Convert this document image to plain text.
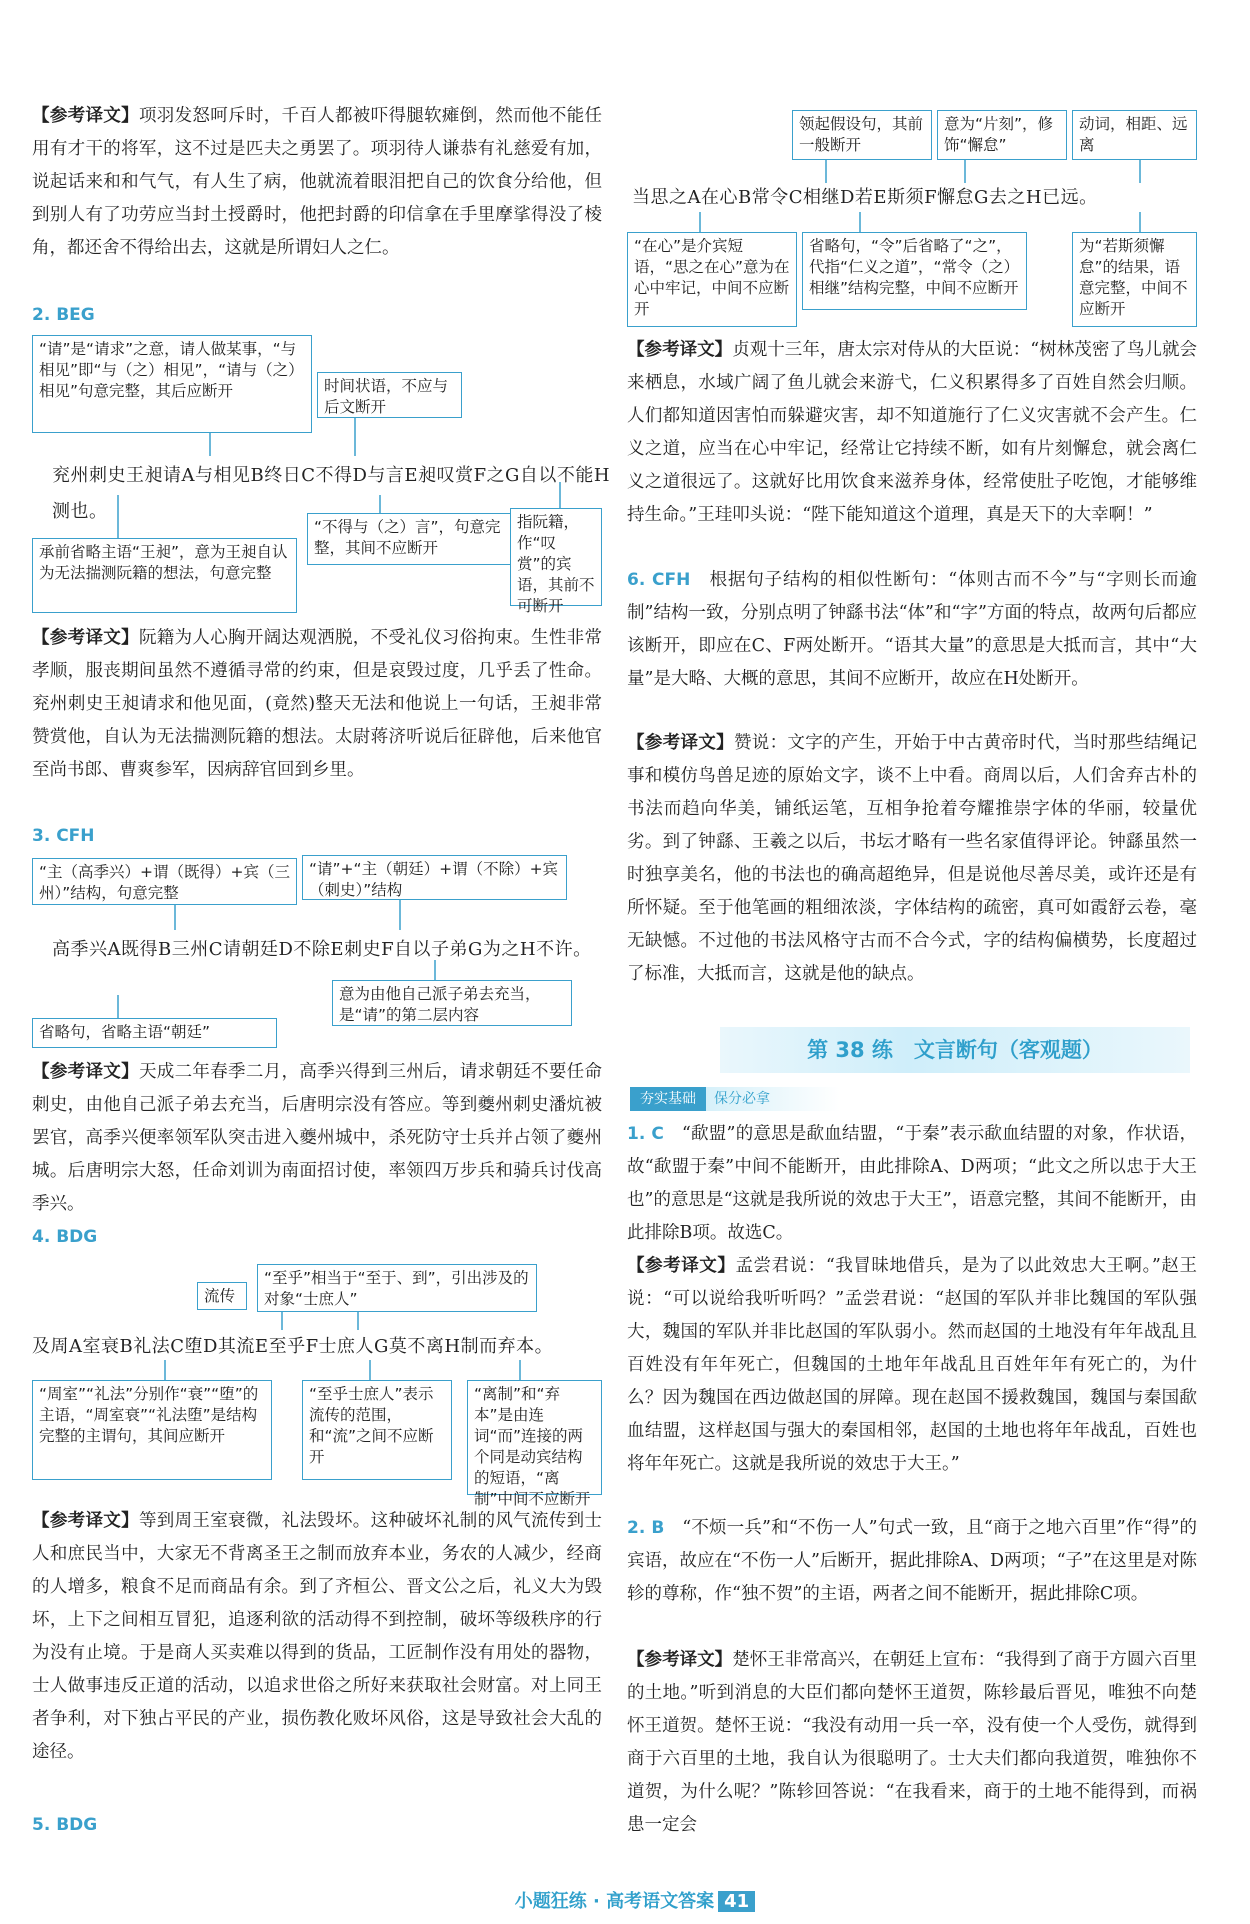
【参考译文】项羽发怒呵斥时，千百人都被吓得腿软瘫倒，然而他不能任用有才干的将军，这不过是匹夫之勇罢了。项羽待人谦恭有礼慈爱有加，说起话来和和气气，有人生了病，他就流着眼泪把自己的饮食分给他，但到别人有了功劳应当封土授爵时，他把封爵的印信拿在手里摩挲得没了棱角，都还舍不得给出去，这就是所谓妇人之仁。

2. BEG
“请”是“请求”之意，请人做某事，“与相见”即“与（之）相见”，“请与（之）相见”句意完整，其后应断开	时间状语，不应与后文断开
兖州刺史王昶请A与相见B终日C不得D与言E昶叹赏F之G自以不能H测也。
承前省略主语“王昶”，意为王昶自认为无法揣测阮籍的想法，句意完整
“不得与（之）言”，句意完整，其间不应断开
指阮籍，作“叹赏”的宾语，其前不可断开

【参考译文】阮籍为人心胸开阔达观洒脱，不受礼仪习俗拘束。生性非常孝顺，服丧期间虽然不遵循寻常的约束，但是哀毁过度，几乎丢了性命。兖州刺史王昶请求和他见面，(竟然)整天无法和他说上一句话，王昶非常赞赏他，自认为无法揣测阮籍的想法。太尉蒋济听说后征辟他，后来他官至尚书郎、曹爽参军，因病辞官回到乡里。

3. CFH
“主（高季兴）+谓（既得）+宾（三州）”结构，句意完整
“请”+“主（朝廷）+谓（不除）+宾（刺史）”结构
高季兴A既得B三州C请朝廷D不除E刺史F自以子弟G为之H不许。
意为由他自己派子弟去充当，是“请”的第二层内容
省略句，省略主语“朝廷”

【参考译文】天成二年春季二月，高季兴得到三州后，请求朝廷不要任命刺史，由他自己派子弟去充当，后唐明宗没有答应。等到夔州刺史潘炕被罢官，高季兴便率领军队突击进入夔州城中，杀死防守士兵并占领了夔州城。后唐明宗大怒，任命刘训为南面招讨使，率领四万步兵和骑兵讨伐高季兴。

4. BDG
流传
“至乎”相当于“至于、到”，引出涉及的对象“士庶人”
及周A室衰B礼法C堕D其流E至乎F士庶人G莫不离H制而弃本。
“周室”“礼法”分别作“衰”“堕”的主语，“周室衰”“礼法堕”是结构完整的主谓句，其间应断开
“至乎士庶人”表示流传的范围，和“流”之间不应断开
“离制”和“弃本”是由连词“而”连接的两个同是动宾结构的短语，“离制”中间不应断开

【参考译文】等到周王室衰微，礼法毁坏。这种破坏礼制的风气流传到士人和庶民当中，大家无不背离圣王之制而放弃本业，务农的人减少，经商的人增多，粮食不足而商品有余。到了齐桓公、晋文公之后，礼义大为毁坏，上下之间相互冒犯，追逐利欲的活动得不到控制，破坏等级秩序的行为没有止境。于是商人买卖难以得到的货品，工匠制作没有用处的器物，士人做事违反正道的活动，以追求世俗之所好来获取社会财富。对上同王者争利，对下独占平民的产业，损伤教化败坏风俗，这是导致社会大乱的途径。

5. BDG
领起假设句，其前一般断开
意为“片刻”，修饰“懈怠”
动词，相距、远离
当思之A在心B常令C相继D若E斯须F懈怠G去之H已远。
“在心”是介宾短语，“思之在心”意为在心中牢记，中间不应断开
省略句，“令”后省略了“之”，代指“仁义之道”，“常令（之）相继”结构完整，中间不应断开
为“若斯须懈怠”的结果，语意完整，中间不应断开

【参考译文】贞观十三年，唐太宗对侍从的大臣说：“树林茂密了鸟儿就会来栖息，水域广阔了鱼儿就会来游弋，仁义积累得多了百姓自然会归顺。人们都知道因害怕而躲避灾害，却不知道施行了仁义灾害就不会产生。仁义之道，应当在心中牢记，经常让它持续不断，如有片刻懈怠，就会离仁义之道很远了。这就好比用饮食来滋养身体，经常使肚子吃饱，才能够维持生命。”王珪叩头说：“陛下能知道这个道理，真是天下的大幸啊！”

6. CFH　 根据句子结构的相似性断句：“体则古而不今”与“字则长而逾制”结构一致，分别点明了钟繇书法“体”和“字”方面的特点，故两句后都应该断开，即应在C、F两处断开。“语其大量”的意思是大抵而言，其中“大量”是大略、大概的意思，其间不应断开，故应在H处断开。

【参考译文】赞说：文字的产生，开始于中古黄帝时代，当时那些结绳记事和模仿鸟兽足迹的原始文字，谈不上中看。商周以后，人们舍弃古朴的书法而趋向华美，铺纸运笔，互相争抢着夸耀推崇字体的华丽，较量优劣。到了钟繇、王羲之以后，书坛才略有一些名家值得评论。钟繇虽然一时独享美名，他的书法也的确高超绝异，但是说他尽善尽美，或许还是有所怀疑。至于他笔画的粗细浓淡，字体结构的疏密，真可如霞舒云卷，毫无缺憾。不过他的书法风格守古而不合今式，字的结构偏横势，长度超过了标准，大抵而言，这就是他的缺点。

第 38 练　文言断句（客观题）
夯实基础 保分必拿

1. C　 “歃盟”的意思是歃血结盟，“于秦”表示歃血结盟的对象，作状语，故“歃盟于秦”中间不能断开，由此排除A、D两项；“此文之所以忠于大王也”的意思是“这就是我所说的效忠于大王”，语意完整，其间不能断开，由此排除B项。故选C。

【参考译文】孟尝君说：“我冒昧地借兵，是为了以此效忠大王啊。”赵王说：“可以说给我听听吗？”孟尝君说：“赵国的军队并非比魏国的军队强大，魏国的军队并非比赵国的军队弱小。然而赵国的土地没有年年战乱且百姓没有年年死亡，但魏国的土地年年战乱且百姓年年有死亡的，为什么？因为魏国在西边做赵国的屏障。现在赵国不援救魏国，魏国与秦国歃血结盟，这样赵国与强大的秦国相邻，赵国的土地也将年年战乱，百姓也将年年死亡。这就是我所说的效忠于大王。”

2. B　 “不烦一兵”和“不伤一人”句式一致，且“商于之地六百里”作“得”的宾语，故应在“不伤一人”后断开，据此排除A、D两项；“子”在这里是对陈轸的尊称，作“独不贺”的主语，两者之间不能断开，据此排除C项。

【参考译文】楚怀王非常高兴，在朝廷上宣布：“我得到了商于方圆六百里的土地。”听到消息的大臣们都向楚怀王道贺，陈轸最后晋见，唯独不向楚怀王道贺。楚怀王说：“我没有动用一兵一卒，没有使一个人受伤，就得到商于六百里的土地，我自认为很聪明了。士大夫们都向我道贺，唯独你不道贺，为什么呢？”陈轸回答说：“在我看来，商于的土地不能得到，而祸患一定会

小题狂练 · 高考语文答案 41
